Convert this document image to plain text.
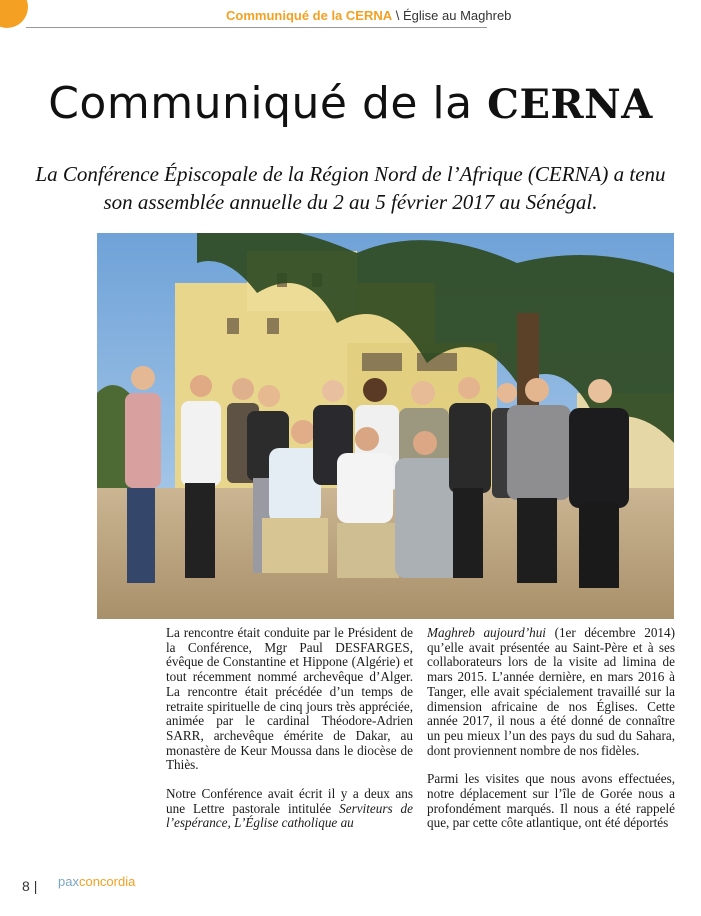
Communiqué de la CERNA \ Église au Maghreb
Communiqué de la CERNA
La Conférence Épiscopale de la Région Nord de l’Afrique (CERNA) a tenu son assemblée annuelle du 2 au 5 février 2017 au Sénégal.

La rencontre était conduite par le Président de la Conférence, Mgr Paul DESFARGES, évêque de Constantine et Hippone (Algérie) et tout récemment nommé archevêque d’Alger. La rencontre était précédée d’un temps de retraite spirituelle de cinq jours très appréciée, animée par le cardinal Théodore-Adrien SARR, archevêque émérite de Dakar, au monastère de Keur Moussa dans le diocèse de Thiès.

Notre Conférence avait écrit il y a deux ans une Lettre pastorale intitulée Serviteurs de l’espérance, L’Église catholique au

Maghreb aujourd’hui (1er décembre 2014) qu’elle avait présentée au Saint-Père et à ses collaborateurs lors de la visite ad limina de mars 2015. L’année dernière, en mars 2016 à Tanger, elle avait spécialement travaillé sur la dimension africaine de nos Églises. Cette année 2017, il nous a été donné de connaître un peu mieux l’un des pays du sud du Sahara, dont proviennent nombre de nos fidèles.

Parmi les visites que nous avons effectuées, notre déplacement sur l’île de Gorée nous a profondément marqués. Il nous a été rappelé que, par cette côte atlantique, ont été déportés

8 | paxconcordia
